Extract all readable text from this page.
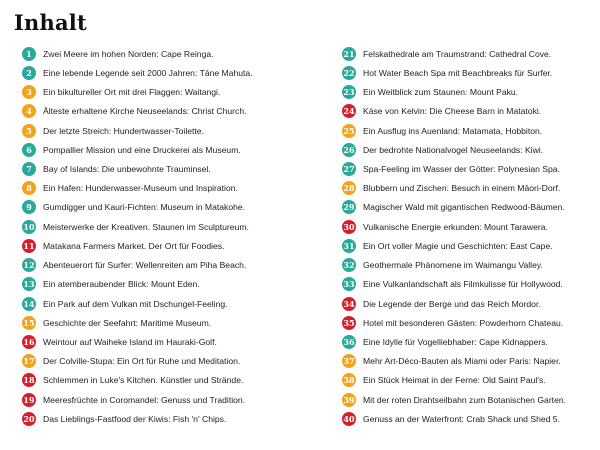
Inhalt
1	Zwei Meere im hohen Norden: Cape Reinga.
2	Eine lebende Legende seit 2000 Jahren: Tāne Mahuta.
3	Ein bikultureller Ort mit drei Flaggen: Waitangi.
4	Älteste erhaltene Kirche Neuseelands: Christ Church.
5	Der letzte Streich: Hundertwasser-Toilette.
6	Pompallier Mission und eine Druckerei als Museum.
7	Bay of Islands: Die unbewohnte Trauminsel.
8	Ein Hafen: Hunderwasser-Museum und Inspiration.
9	Gumdigger und Kauri-Fichten: Museum in Matakohe.
10 Meisterwerke der Kreativen. Staunen im Sculptureum.
11 Matakana Farmers Market. Der Ort für Foodies.
12 Abenteuerort für Surfer: Wellenreiten am Piha Beach.
13 Ein atemberaubender Blick: Mount Eden.
14 Ein Park auf dem Vulkan mit Dschungel-Feeling.
15 Geschichte der Seefahrt: Maritime Museum.
16 Weintour auf Waiheke Island im Hauraki-Golf.
17 Der Colville-Stupa: Ein Ort für Ruhe und Meditation.
18 Schlemmen in Luke's Kitchen. Künstler und Strände.
19 Meeresfrüchte in Coromandel: Genuss und Tradition.
20 Das Lieblings-Fastfood der Kiwis: Fish 'n' Chips.
21 Felskathedrale am Traumstrand: Cathedral Cove.
22 Hot Water Beach Spa mit Beachbreaks für Surfer.
23 Ein Weitblick zum Staunen: Mount Paku.
24 Käse von Kelvin: Die Cheese Barn in Matatoki.
25 Ein Ausflug ins Auenland: Matamata, Hobbiton.
26 Der bedrohte Nationalvogel Neuseelands: Kiwi.
27 Spa-Feeling im Wasser der Götter: Polynesian Spa.
28 Blubbern und Zischen: Besuch in einem Māori-Dorf.
29 Magischer Wald mit gigantischen Redwood-Bäumen.
30 Vulkanische Energie erkunden: Mount Tarawera.
31 Ein Ort voller Magie und Geschichten: East Cape.
32 Geothermale Phänomene im Waimangu Valley.
33 Eine Vulkanlandschaft als Filmkulisse für Hollywood.
34 Die Legende der Berge und das Reich Mordor.
35 Hotel mit besonderen Gästen: Powderhorn Chateau.
36 Eine Idylle für Vogelliebhaber: Cape Kidnappers.
37 Mehr Art-Déco-Bauten als Miami oder Paris: Napier.
38 Ein Stück Heimat in der Ferne: Old Saint Paul's.
39 Mit der roten Drahtseilbahn zum Botanischen Garten.
40 Genuss an der Waterfront: Crab Shack und Shed 5.
